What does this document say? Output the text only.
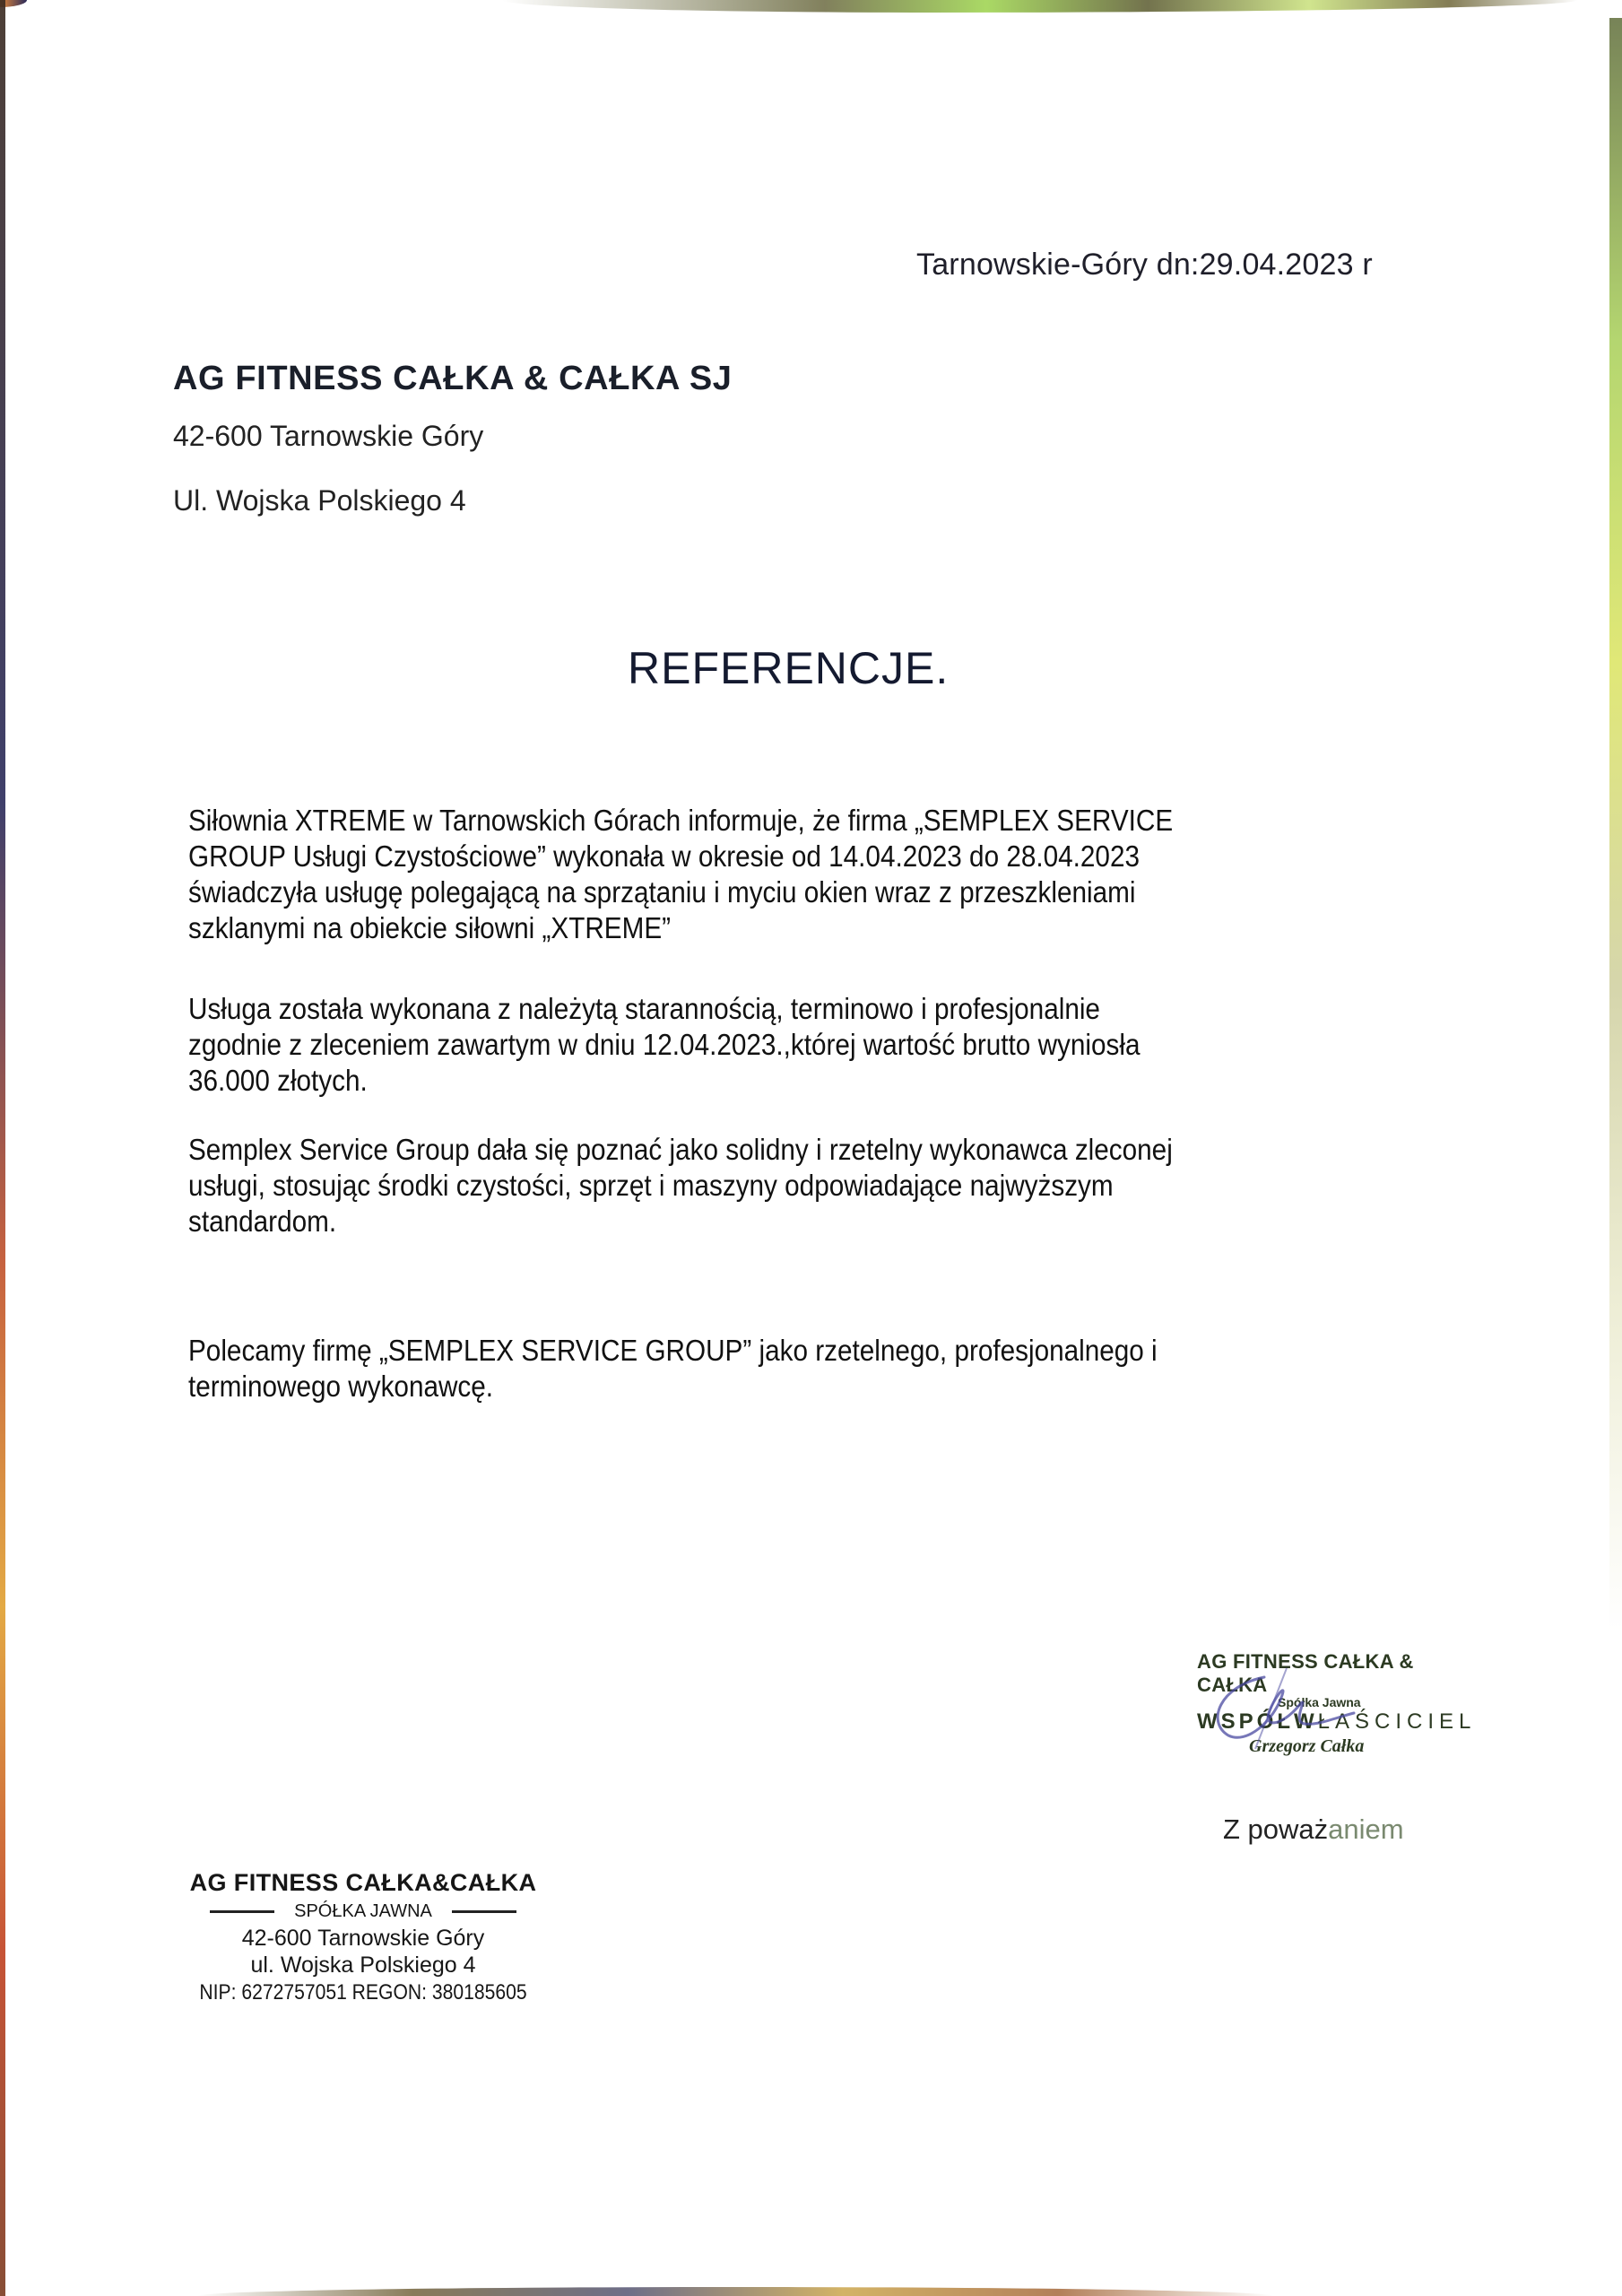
Tarnowskie-Góry dn:29.04.2023 r
AG FITNESS CAŁKA & CAŁKA SJ
42-600 Tarnowskie Góry
Ul. Wojska Polskiego 4
REFERENCJE.

Siłownia XTREME w Tarnowskich Górach informuje, że firma „SEMPLEX SERVICE
GROUP Usługi Czystościowe” wykonała w okresie od 14.04.2023 do 28.04.2023
świadczyła usługę polegającą na sprzątaniu i myciu okien wraz z przeszkleniami
szklanymi na obiekcie siłowni „XTREME”

Usługa została wykonana z należytą starannością, terminowo i profesjonalnie
zgodnie z zleceniem zawartym w dniu 12.04.2023.,której wartość brutto wyniosła
36.000 złotych.

Semplex Service Group dała się poznać jako solidny i rzetelny wykonawca zleconej
usługi, stosując środki czystości, sprzęt i maszyny odpowiadające najwyższym
standardom.

Polecamy firmę „SEMPLEX SERVICE GROUP” jako rzetelnego, profesjonalnego i
terminowego wykonawcę.

AG FITNESS CAŁKA & CAŁKA
Spółka Jawna
WSPÓŁWŁAŚCICIEL
Grzegorz Całka
Z poważaniem
AG FITNESS CAŁKA&CAŁKA
SPÓŁKA JAWNA
42-600 Tarnowskie Góry
ul. Wojska Polskiego 4
NIP: 6272757051 REGON: 380185605
